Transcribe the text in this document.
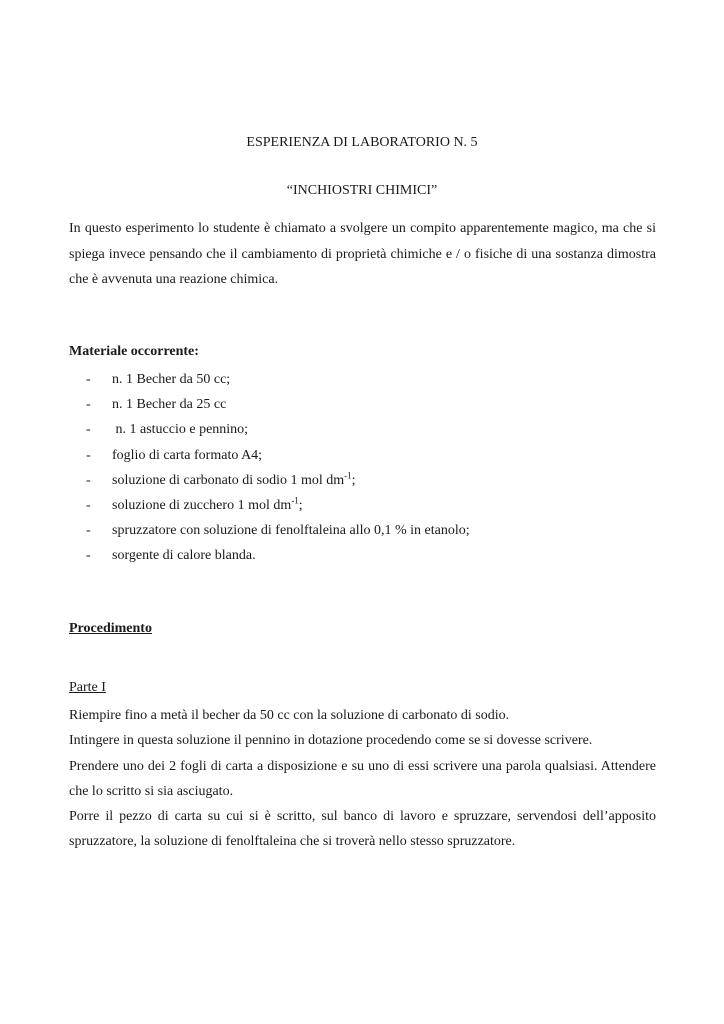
ESPERIENZA DI LABORATORIO N. 5
“INCHIOSTRI CHIMICI”

In questo esperimento lo studente è chiamato a svolgere un compito apparentemente magico, ma che si spiega invece pensando che il cambiamento di proprietà chimiche e / o fisiche di una sostanza dimostra che è avvenuta una reazione chimica.

Materiale occorrente:

- n. 1 Becher da 50 cc;
- n. 1 Becher da 25 cc
- n. 1 astuccio e pennino;
- foglio di carta formato A4;
- soluzione di carbonato di sodio 1 mol $dm^{-1}$;
- soluzione di zucchero 1 mol $dm^{-1}$;
- spruzzatore con soluzione di fenolftaleina allo 0,1 % in etanolo;
- sorgente di calore blanda.

Procedimento

Parte I

Riempire fino a metà il becher da 50 cc con la soluzione di carbonato di sodio.

Intingere in questa soluzione il pennino in dotazione procedendo come se si dovesse scrivere.

Prendere uno dei 2 fogli di carta a disposizione e su uno di essi scrivere una parola qualsiasi. Attendere che lo scritto si sia asciugato.

Porre il pezzo di carta su cui si è scritto, sul banco di lavoro e spruzzare, servendosi dell’apposito spruzzatore, la soluzione di fenolftaleina che si troverà nello stesso spruzzatore.
